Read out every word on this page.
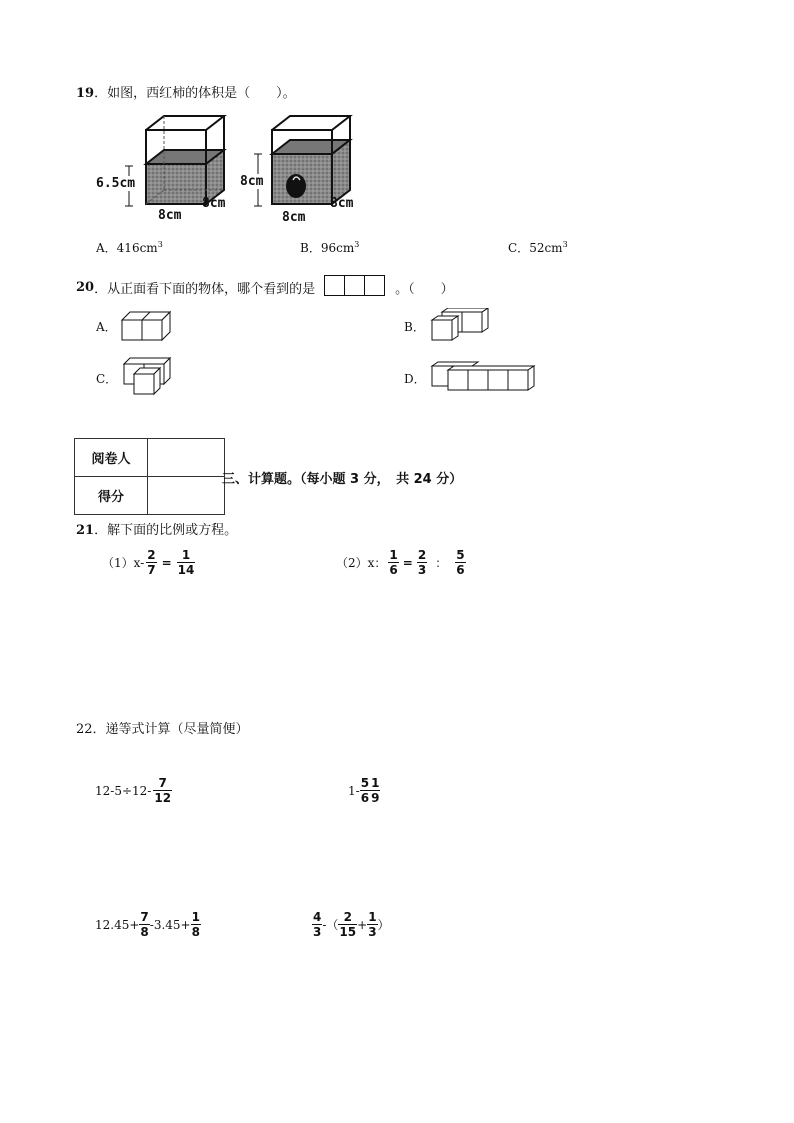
19．如图，西红柿的体积是（　　）。
6.5cm
8cm
8cm
8cm
8cm
8cm
A．$416cm^3$	B．$96cm^3$	C．$52cm^3$
20 ．从正面看下面的物体，哪个看到的是	。（　　）
A．	B．
C．	D．
阅卷人	
得分	
三、计算题。（每小题 3 分，　共 24 分）
21．解下面的比例或方程。
$(1)x- \frac{2}{7} = \frac{1}{14}$	（2）x： $\frac{1}{6} = \frac{2}{3}$ ： $\frac{5}{6}$
22．递等式计算（尽量简便）
$12-5\div 12- \frac{7}{12}$	$1- \frac{5}{6} \frac{1}{9}$
$12.45+ \frac{7}{8} -3.45+ \frac{1}{8}$	$\frac{4}{3}$ -（ $\frac{2}{15} + \frac{1}{3}$ ）
